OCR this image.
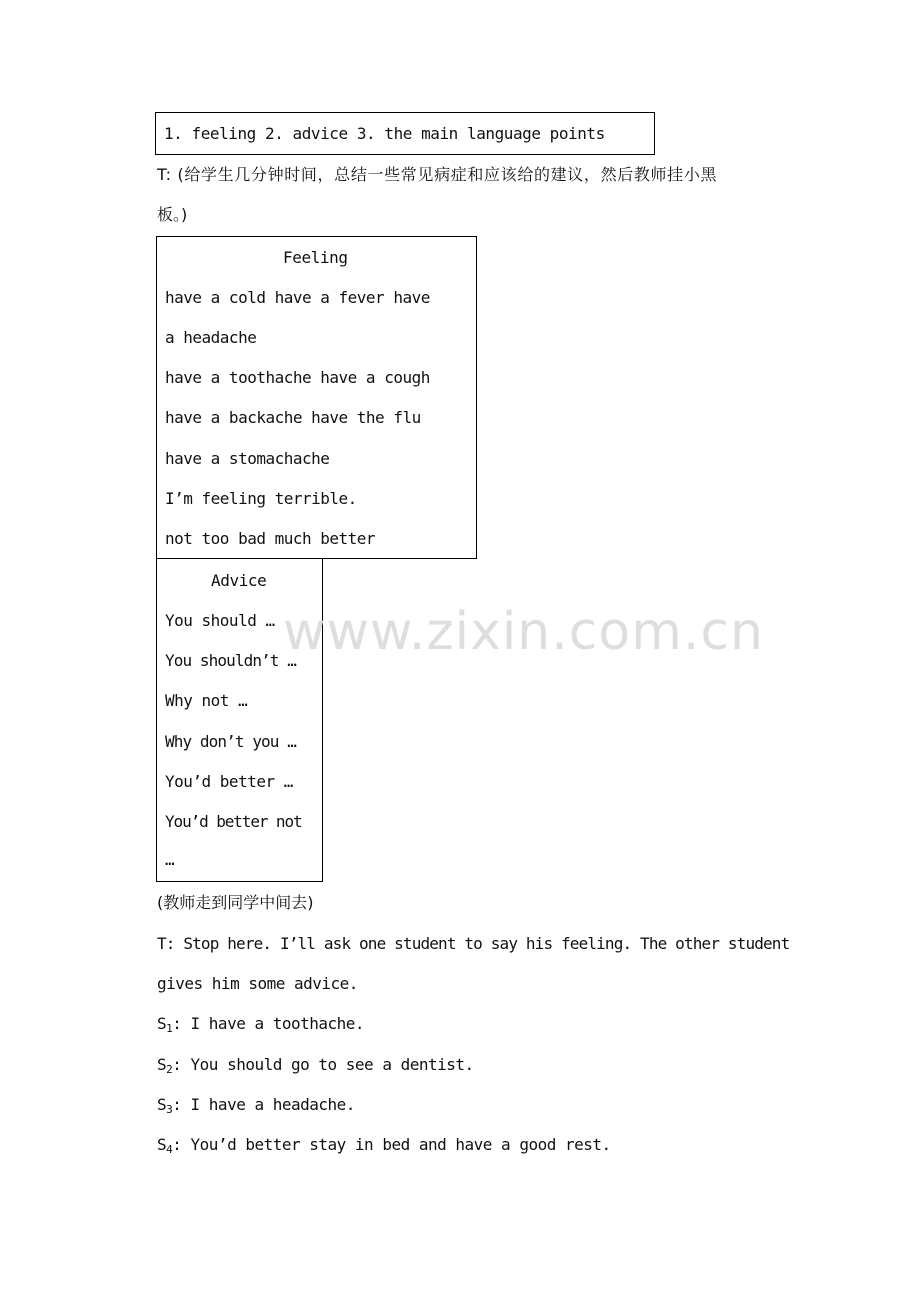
1. feeling 2. advice 3. the main language points
T: (给学生几分钟时间，总结一些常见病症和应该给的建议，然后教师挂小黑
板。)
Feeling
have a cold have a fever have
a headache
have a toothache have a cough
have a backache have the flu
have a stomachache
I’m feeling terrible.
not too bad much better
Advice
You should …
You shouldn’t …
Why not …
Why don’t you …
You’d better …
You’d better not
…
www.zixin.com.cn
(教师走到同学中间去)
T: Stop here. I’ll ask one student to say his feeling. The other student
gives him some advice.
$S_1$: I have a toothache.
$S_2$: You should go to see a dentist.
$S_3$: I have a headache.
$S_4$: You’d better stay in bed and have a good rest.
